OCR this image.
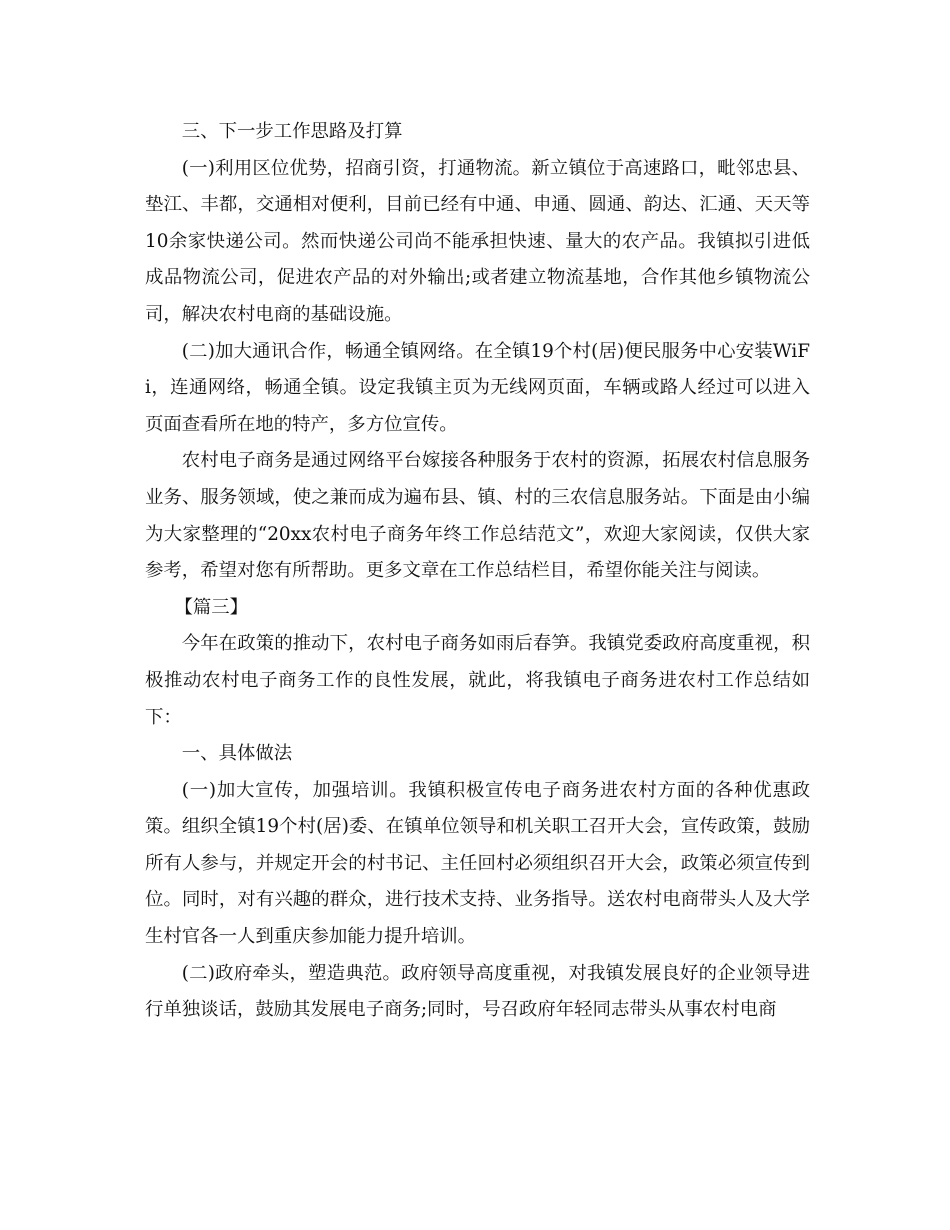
三、下一步工作思路及打算

(一)利用区位优势，招商引资，打通物流。新立镇位于高速路口，毗邻忠县、垫江、丰都，交通相对便利，目前已经有中通、申通、圆通、韵达、汇通、天天等10余家快递公司。然而快递公司尚不能承担快速、量大的农产品。我镇拟引进低成品物流公司，促进农产品的对外输出;或者建立物流基地，合作其他乡镇物流公司，解决农村电商的基础设施。

(二)加大通讯合作，畅通全镇网络。在全镇19个村(居)便民服务中心安装WiFi，连通网络，畅通全镇。设定我镇主页为无线网页面，车辆或路人经过可以进入页面查看所在地的特产，多方位宣传。

农村电子商务是通过网络平台嫁接各种服务于农村的资源，拓展农村信息服务业务、服务领域，使之兼而成为遍布县、镇、村的三农信息服务站。下面是由小编为大家整理的“20xx农村电子商务年终工作总结范文”，欢迎大家阅读，仅供大家参考，希望对您有所帮助。更多文章在工作总结栏目，希望你能关注与阅读。

【篇三】

今年在政策的推动下，农村电子商务如雨后春笋。我镇党委政府高度重视，积极推动农村电子商务工作的良性发展，就此，将我镇电子商务进农村工作总结如下：

一、具体做法

(一)加大宣传，加强培训。我镇积极宣传电子商务进农村方面的各种优惠政策。组织全镇19个村(居)委、在镇单位领导和机关职工召开大会，宣传政策，鼓励所有人参与，并规定开会的村书记、主任回村必须组织召开大会，政策必须宣传到位。同时，对有兴趣的群众，进行技术支持、业务指导。送农村电商带头人及大学生村官各一人到重庆参加能力提升培训。

(二)政府牵头，塑造典范。政府领导高度重视，对我镇发展良好的企业领导进行单独谈话，鼓励其发展电子商务;同时，号召政府年轻同志带头从事农村电商
